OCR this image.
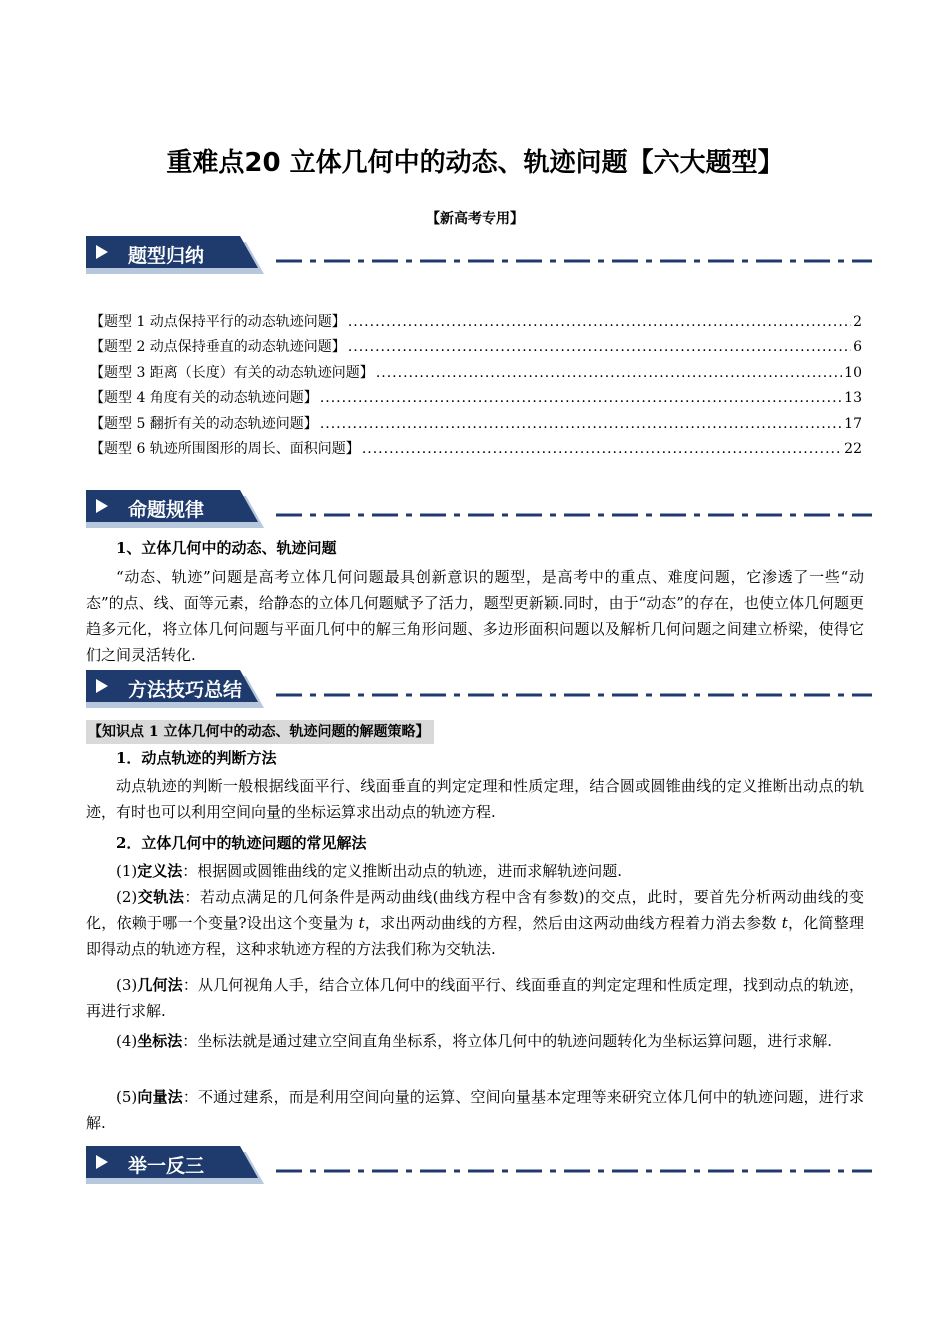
重难点20 立体几何中的动态、轨迹问题【六大题型】
【新高考专用】
题型归纳
【题型 1 动点保持平行的动态轨迹问题】 .....	2
【题型 2 动点保持垂直的动态轨迹问题】 .....	6
【题型 3 距离（长度）有关的动态轨迹问题】 .....	10
【题型 4 角度有关的动态轨迹问题】 .....	13
【题型 5 翻折有关的动态轨迹问题】 .....	17
【题型 6 轨迹所围图形的周长、面积问题】 .....	22
命题规律
1、立体几何中的动态、轨迹问题
“动态、轨迹”问题是高考立体几何问题最具创新意识的题型，是高考中的重点、难度问题，它渗透了一些“动态”的点、线、面等元素，给静态的立体几何题赋予了活力，题型更新颖.同时，由于“动态”的存在，也使立体几何题更趋多元化，将立体几何问题与平面几何中的解三角形问题、多边形面积问题以及解析几何问题之间建立桥梁，使得它们之间灵活转化.
方法技巧总结
【知识点 1 立体几何中的动态、轨迹问题的解题策略】
1．动点轨迹的判断方法
动点轨迹的判断一般根据线面平行、线面垂直的判定定理和性质定理，结合圆或圆锥曲线的定义推断出动点的轨迹，有时也可以利用空间向量的坐标运算求出动点的轨迹方程.
2．立体几何中的轨迹问题的常见解法
(1)定义法：根据圆或圆锥曲线的定义推断出动点的轨迹，进而求解轨迹问题.
(2)交轨法：若动点满足的几何条件是两动曲线(曲线方程中含有参数)的交点，此时，要首先分析两动曲线的变化，依赖于哪一个变量?设出这个变量为 t，求出两动曲线的方程，然后由这两动曲线方程着力消去参数 t，化简整理即得动点的轨迹方程，这种求轨迹方程的方法我们称为交轨法.
(3)几何法：从几何视角人手，结合立体几何中的线面平行、线面垂直的判定定理和性质定理，找到动点的轨迹，再进行求解.
(4)坐标法：坐标法就是通过建立空间直角坐标系，将立体几何中的轨迹问题转化为坐标运算问题，进行求解.
(5)向量法：不通过建系，而是利用空间向量的运算、空间向量基本定理等来研究立体几何中的轨迹问题，进行求解.
举一反三
